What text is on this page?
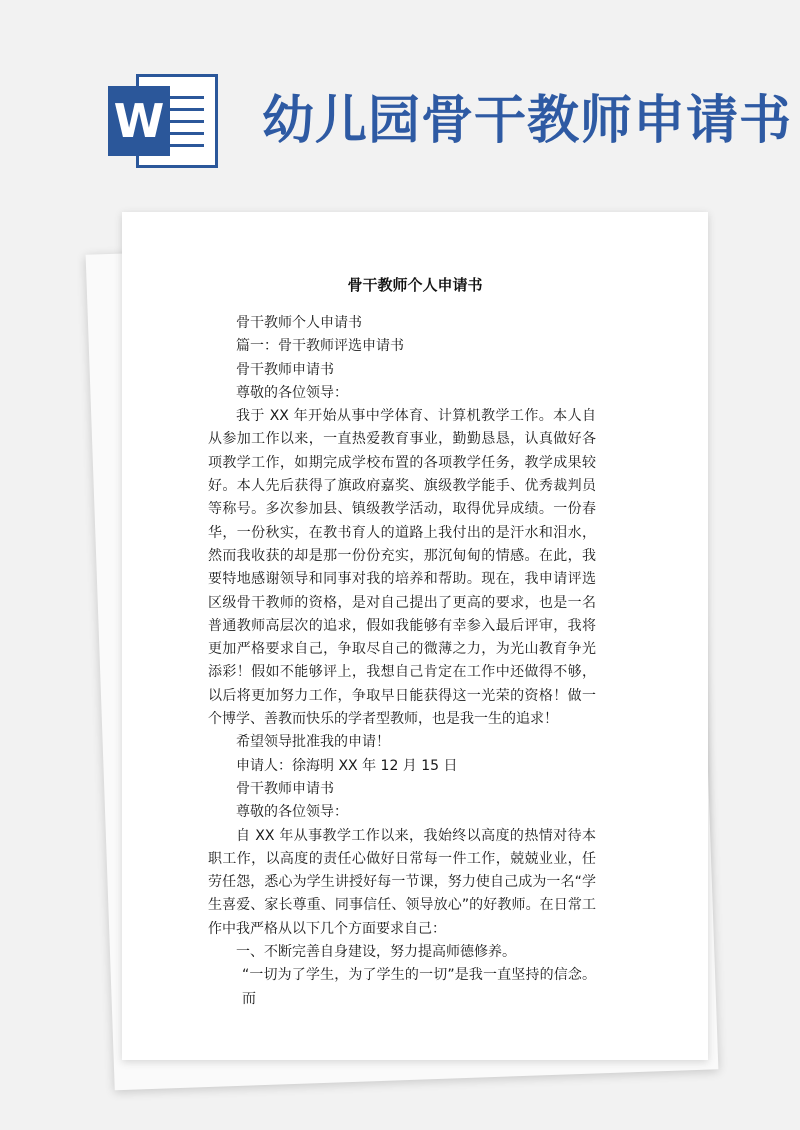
W 幼儿园骨干教师申请书
骨干教师个人申请书

骨干教师个人申请书

篇一：骨干教师评选申请书

骨干教师申请书

尊敬的各位领导：

我于 XX 年开始从事中学体育、计算机教学工作。本人自从参加工作以来，一直热爱教育事业，勤勤恳恳，认真做好各项教学工作，如期完成学校布置的各项教学任务，教学成果较好。本人先后获得了旗政府嘉奖、旗级教学能手、优秀裁判员等称号。多次参加县、镇级教学活动，取得优异成绩。一份春华，一份秋实，在教书育人的道路上我付出的是汗水和泪水，然而我收获的却是那一份份充实，那沉甸甸的情感。在此，我要特地感谢领导和同事对我的培养和帮助。现在，我申请评选区级骨干教师的资格，是对自己提出了更高的要求，也是一名普通教师高层次的追求，假如我能够有幸参入最后评审，我将更加严格要求自己，争取尽自己的微薄之力，为光山教育争光添彩！假如不能够评上，我想自己肯定在工作中还做得不够，以后将更加努力工作，争取早日能获得这一光荣的资格！做一个博学、善教而快乐的学者型教师，也是我一生的追求！

希望领导批准我的申请！

申请人：徐海明 XX 年 12 月 15 日

骨干教师申请书

尊敬的各位领导：

自 XX 年从事教学工作以来，我始终以高度的热情对待本职工作，以高度的责任心做好日常每一件工作，兢兢业业，任劳任怨，悉心为学生讲授好每一节课，努力使自己成为一名“学生喜爱、家长尊重、同事信任、领导放心”的好教师。在日常工作中我严格从以下几个方面要求自己：

一、不断完善自身建设，努力提高师德修养。

“一切为了学生，为了学生的一切”是我一直坚持的信念。而
